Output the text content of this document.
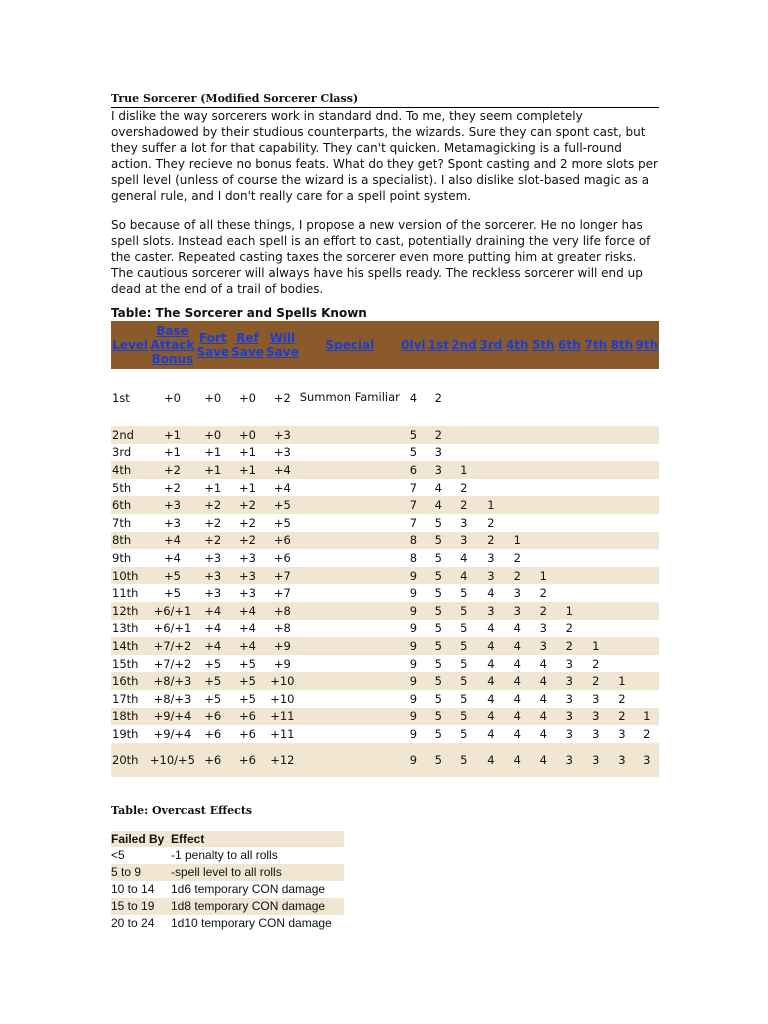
True Sorcerer (Modified Sorcerer Class)

I dislike the way sorcerers work in standard dnd. To me, they seem completely overshadowed by their studious counterparts, the wizards. Sure they can spont cast, but they suffer a lot for that capability. They can't quicken. Metamagicking is a full-round action. They recieve no bonus feats. What do they get? Spont casting and 2 more slots per spell level (unless of course the wizard is a specialist). I also dislike slot-based magic as a general rule, and I don't really care for a spell point system.

So because of all these things, I propose a new version of the sorcerer. He no longer has spell slots. Instead each spell is an effort to cast, potentially draining the very life force of the caster. Repeated casting taxes the sorcerer even more putting him at greater risks. The cautious sorcerer will always have his spells ready. The reckless sorcerer will end up dead at the end of a trail of bodies.

Table: The Sorcerer and Spells Known
Level	Base Attack Bonus	Fort Save	Ref Save	Will Save	Special	0lvl	1st	2nd	3rd	4th	5th	6th	7th	8th	9th
1st	+0	+0	+0	+2	Summon Familiar	4	2								
2nd	+1	+0	+0	+3		5	2								
3rd	+1	+1	+1	+3		5	3								
4th	+2	+1	+1	+4		6	3	1							
5th	+2	+1	+1	+4		7	4	2							
6th	+3	+2	+2	+5		7	4	2	1						
7th	+3	+2	+2	+5		7	5	3	2						
8th	+4	+2	+2	+6		8	5	3	2	1					
9th	+4	+3	+3	+6		8	5	4	3	2					
10th	+5	+3	+3	+7		9	5	4	3	2	1				
11th	+5	+3	+3	+7		9	5	5	4	3	2				
12th	+6/+1	+4	+4	+8		9	5	5	3	3	2	1			
13th	+6/+1	+4	+4	+8		9	5	5	4	4	3	2			
14th	+7/+2	+4	+4	+9		9	5	5	4	4	3	2	1		
15th	+7/+2	+5	+5	+9		9	5	5	4	4	4	3	2		
16th	+8/+3	+5	+5	+10		9	5	5	4	4	4	3	2	1	
17th	+8/+3	+5	+5	+10		9	5	5	4	4	4	3	3	2	
18th	+9/+4	+6	+6	+11		9	5	5	4	4	4	3	3	2	1
19th	+9/+4	+6	+6	+11		9	5	5	4	4	4	3	3	3	2
20th	+10/+5	+6	+6	+12		9	5	5	4	4	4	3	3	3	3
Table: Overcast Effects
Failed By	Effect
<5	-1 penalty to all rolls
5 to 9	-spell level to all rolls
10 to 14	1d6 temporary CON damage
15 to 19	1d8 temporary CON damage
20 to 24	1d10 temporary CON damage
